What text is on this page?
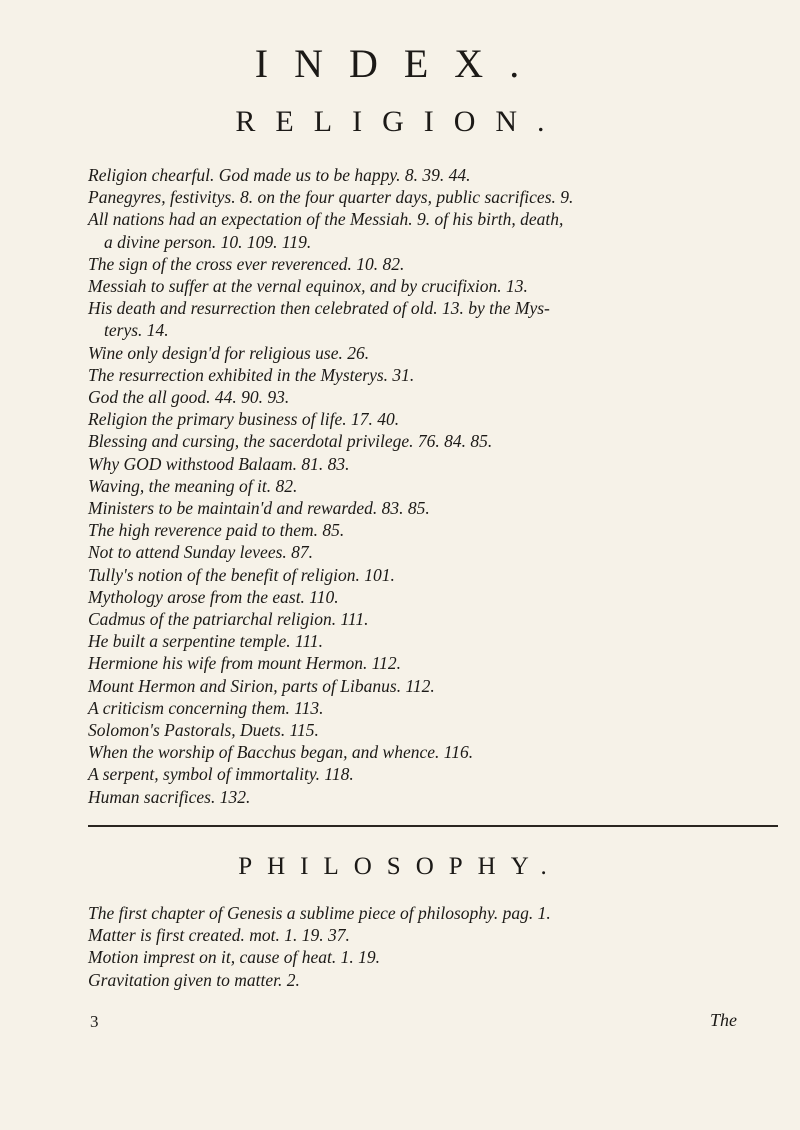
INDEX.
RELIGION.
Religion chearful. God made us to be happy. 8. 39. 44.
Panegyres, festivitys. 8. on the four quarter days, public sacrifices. 9.
All nations had an expectation of the Messiah. 9. of his birth, death,
a divine person. 10. 109. 119.
The sign of the cross ever reverenced. 10. 82.
Messiah to suffer at the vernal equinox, and by crucifixion. 13.
His death and resurrection then celebrated of old. 13. by the Mys-
terys. 14.
Wine only design'd for religious use. 26.
The resurrection exhibited in the Mysterys. 31.
God the all good. 44. 90. 93.
Religion the primary business of life. 17. 40.
Blessing and cursing, the sacerdotal privilege. 76. 84. 85.
Why GOD withstood Balaam. 81. 83.
Waving, the meaning of it. 82.
Ministers to be maintain'd and rewarded. 83. 85.
The high reverence paid to them. 85.
Not to attend Sunday levees. 87.
Tully's notion of the benefit of religion. 101.
Mythology arose from the east. 110.
Cadmus of the patriarchal religion. 111.
He built a serpentine temple. 111.
Hermione his wife from mount Hermon. 112.
Mount Hermon and Sirion, parts of Libanus. 112.
A criticism concerning them. 113.
Solomon's Pastorals, Duets. 115.
When the worship of Bacchus began, and whence. 116.
A serpent, symbol of immortality. 118.
Human sacrifices. 132.
PHILOSOPHY.
The first chapter of Genesis a sublime piece of philosophy. pag. 1.
Matter is first created. mot. 1. 19. 37.
Motion imprest on it, cause of heat. 1. 19.
Gravitation given to matter. 2.
3	The
